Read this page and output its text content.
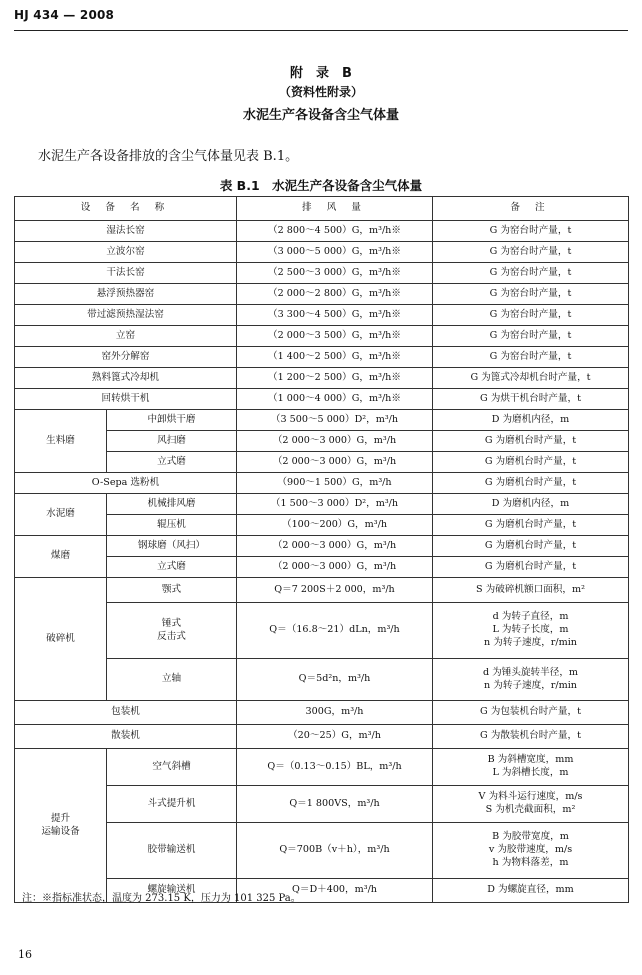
HJ 434 — 2008
附　录　B
（资料性附录）
水泥生产各设备含尘气体量
水泥生产各设备排放的含尘气体量见表 B.1。
表 B.1　水泥生产各设备含尘气体量
设 备 名 称		排 风 量	备 注
湿法长窑		（2 800～4 500）G，m³/h※	G 为窑台时产量，t
立波尔窑		（3 000～5 000）G，m³/h※	G 为窑台时产量，t
干法长窑		（2 500～3 000）G，m³/h※	G 为窑台时产量，t
悬浮预热器窑		（2 000～2 800）G，m³/h※	G 为窑台时产量，t
带过滤预热湿法窑		（3 300～4 500）G，m³/h※	G 为窑台时产量，t
立窑		（2 000～3 500）G，m³/h※	G 为窑台时产量，t
窑外分解窑		（1 400～2 500）G，m³/h※	G 为窑台时产量，t
熟料篦式冷却机		（1 200～2 500）G，m³/h※	G 为篦式冷却机台时产量，t
回转烘干机		（1 000～4 000）G，m³/h※	G 为烘干机台时产量，t
生料磨	中卸烘干磨	（3 500～5 000）D²，m³/h	D 为磨机内径，m
	风扫磨	（2 000～3 000）G，m³/h	G 为磨机台时产量，t
	立式磨	（2 000～3 000）G，m³/h	G 为磨机台时产量，t
O-Sepa 选粉机		（900～1 500）G，m³/h	G 为磨机台时产量，t
水泥磨	机械排风磨	（1 500～3 000）D²，m³/h	D 为磨机内径，m
	辊压机	（100～200）G，m³/h	G 为磨机台时产量，t
煤磨	钢球磨（风扫）	（2 000～3 000）G，m³/h	G 为磨机台时产量，t
	立式磨	（2 000～3 000）G，m³/h	G 为磨机台时产量，t
破碎机	颚式	Q＝7 200S＋2 000，m³/h	S 为破碎机额口面积，m²

	锤式
反击式	Q＝（16.8～21）dLn，m³/h	d 为转子直径，m
L 为转子长度，m
n 为转子速度，r/min

	立轴	Q＝5d²n，m³/h	d 为锤头旋转半径，m
n 为转子速度，r/min

包装机		300G，m³/h	G 为包装机台时产量，t
散装机		（20～25）G，m³/h	G 为散装机台时产量，t

提升
运输设备	空气斜槽	Q＝（0.13～0.15）BL，m³/h	B 为斜槽宽度，mm
L 为斜槽长度，m

	斗式提升机	Q＝1 800VS，m³/h	V 为料斗运行速度，m/s
S 为机壳截面积，m²

	胶带输送机	Q＝700B（v＋h），m³/h	B 为胶带宽度，m
v 为胶带速度，m/s
h 为物料落差，m

	螺旋输送机	Q＝D＋400，m³/h	D 为螺旋直径，mm
注：※指标准状态，温度为 273.15 K，压力为 101 325 Pa。
16
